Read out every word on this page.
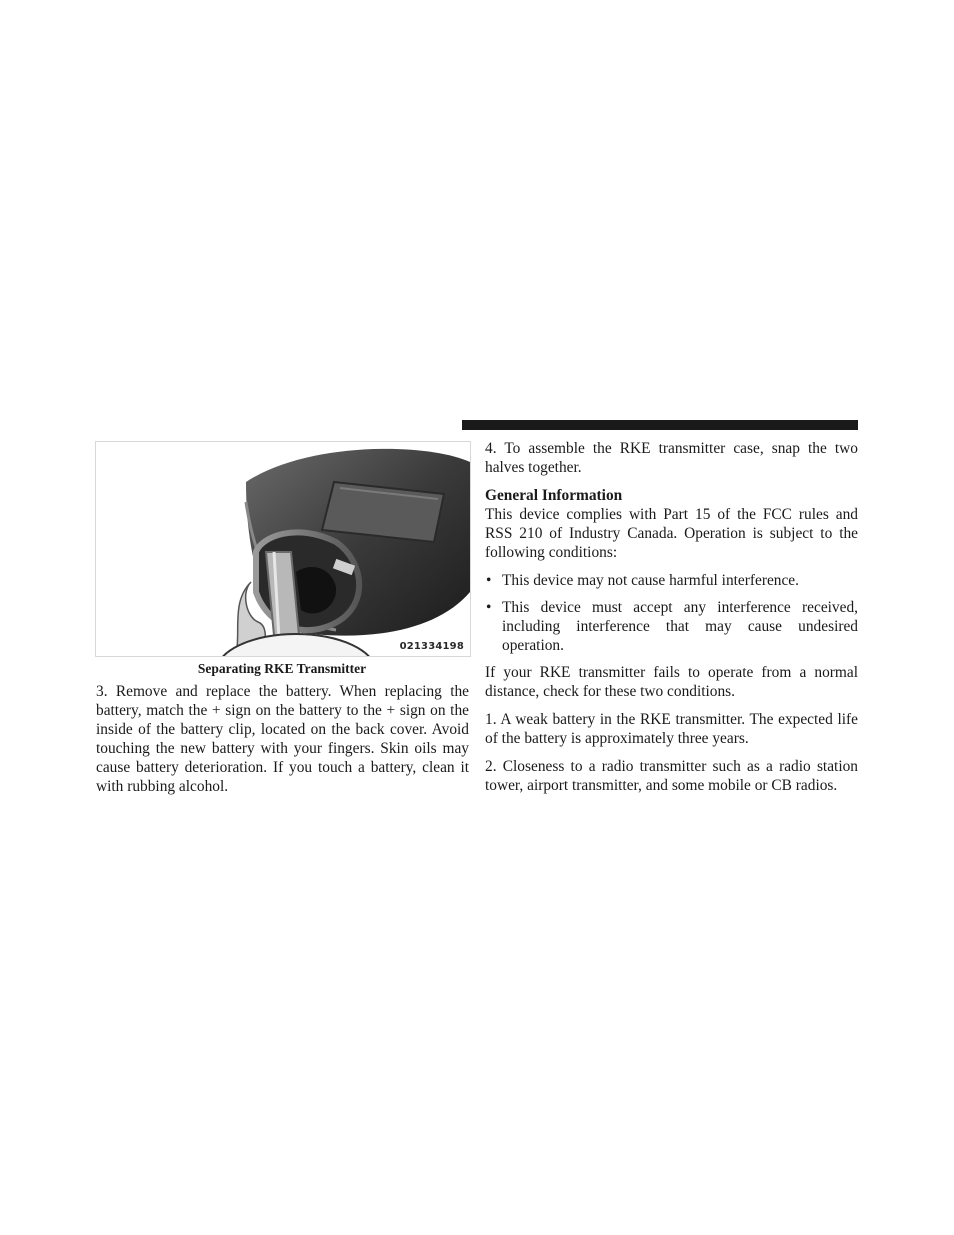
021334198
Separating RKE Transmitter

3. Remove and replace the battery. When replacing the battery, match the + sign on the battery to the + sign on the inside of the battery clip, located on the back cover. Avoid touching the new battery with your fingers. Skin oils may cause battery deterioration. If you touch a battery, clean it with rubbing alcohol.

4. To assemble the RKE transmitter case, snap the two halves together.

General Information

This device complies with Part 15 of the FCC rules and RSS 210 of Industry Canada. Operation is subject to the following conditions:

• This device may not cause harmful interference.
• This device must accept any interference received, including interference that may cause undesired operation.

If your RKE transmitter fails to operate from a normal distance, check for these two conditions.

1. A weak battery in the RKE transmitter. The expected life of the battery is approximately three years.

2. Closeness to a radio transmitter such as a radio station tower, airport transmitter, and some mobile or CB radios.
